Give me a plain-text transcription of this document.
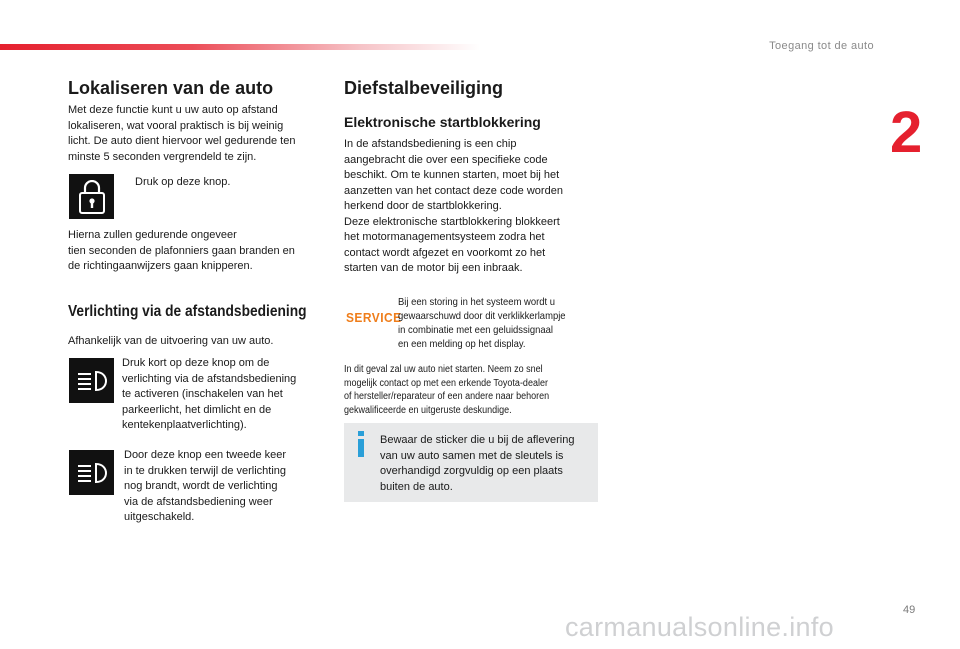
Toegang tot de auto
2
Lokaliseren van de auto

Met deze functie kunt u uw auto op afstand

lokaliseren, wat vooral praktisch is bij weinig

licht. De auto dient hiervoor wel gedurende ten

minste 5 seconden vergrendeld te zijn.

Druk op deze knop.

Hierna zullen gedurende ongeveer

tien seconden de plafonniers gaan branden en

de richtingaanwijzers gaan knipperen.

Verlichting via de afstandsbediening

Afhankelijk van de uitvoering van uw auto.

Druk kort op deze knop om de

verlichting via de afstandsbediening

te activeren (inschakelen van het

parkeerlicht, het dimlicht en de

kentekenplaatverlichting).

Door deze knop een tweede keer

in te drukken terwijl de verlichting

nog brandt, wordt de verlichting

via de afstandsbediening weer

uitgeschakeld.

Diefstalbeveiliging
Elektronische startblokkering

In de afstandsbediening is een chip

aangebracht die over een specifieke code

beschikt. Om te kunnen starten, moet bij het

aanzetten van het contact deze code worden

herkend door de startblokkering.

Deze elektronische startblokkering blokkeert

het motormanagementsysteem zodra het

contact wordt afgezet en voorkomt zo het

starten van de motor bij een inbraak.

SERVICE

Bij een storing in het systeem wordt u

gewaarschuwd door dit verklikkerlampje

in combinatie met een geluidssignaal

en een melding op het display.

In dit geval zal uw auto niet starten. Neem zo snel

mogelijk contact op met een erkende Toyota-dealer

of hersteller/reparateur of een andere naar behoren

gekwalificeerde en uitgeruste deskundige.

Bewaar de sticker die u bij de aflevering

van uw auto samen met de sleutels is

overhandigd zorgvuldig op een plaats

buiten de auto.

49
carmanualsonline.info
